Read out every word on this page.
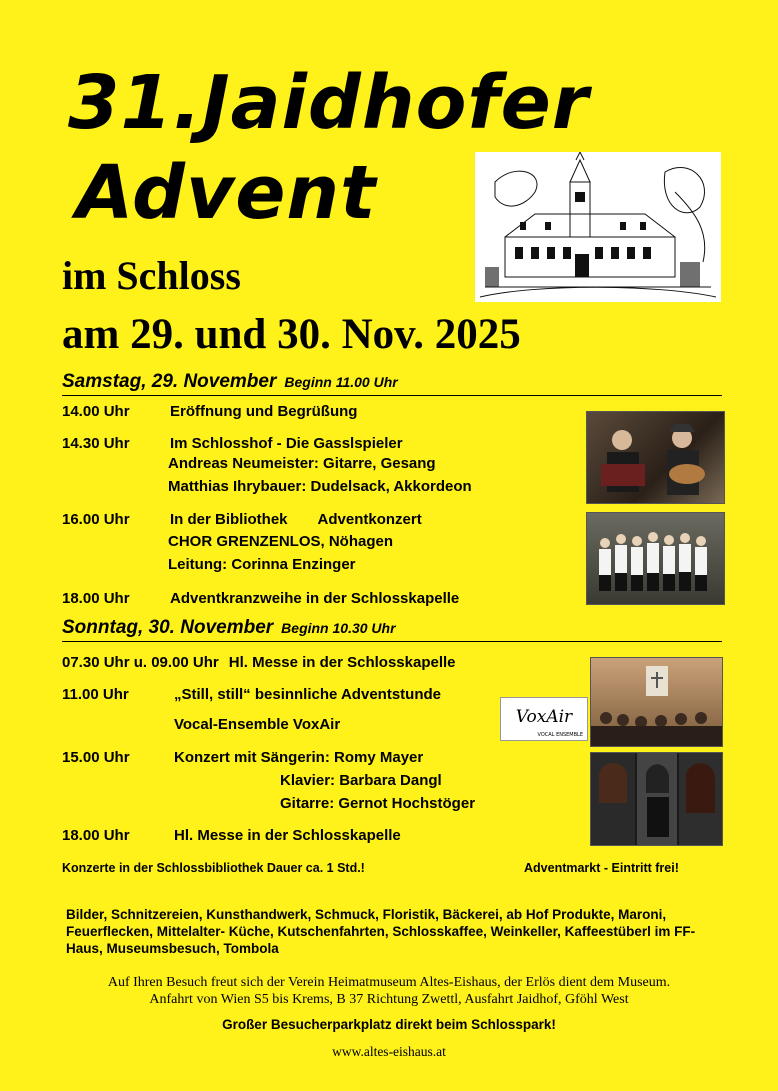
31.Jaidhofer
Advent
im Schloss
am 29. und 30. Nov. 2025
Samstag, 29. November Beginn 11.00 Uhr
14.00 Uhr	Eröffnung und Begrüßung
14.30 Uhr	Im Schlosshof - Die Gasslspieler
Andreas Neumeister: Gitarre, Gesang
Matthias Ihrybauer: Dudelsack, Akkordeon
16.00 Uhr	In der Bibliothek Adventkonzert
CHOR GRENZENLOS, Nöhagen
Leitung: Corinna Enzinger
18.00 Uhr	Adventkranzweihe in der Schlosskapelle
Sonntag, 30. November Beginn 10.30 Uhr
07.30 Uhr u. 09.00 Uhr Hl. Messe in der Schlosskapelle
11.00 Uhr	„Still, still“ besinnliche Adventstunde
Vocal-Ensemble VoxAir	VoxAir
VOCAL ENSEMBLE
15.00 Uhr	Konzert mit Sängerin: Romy Mayer
Klavier: Barbara Dangl
Gitarre: Gernot Hochstöger
18.00 Uhr	Hl. Messe in der Schlosskapelle
Konzerte in der Schlossbibliothek Dauer ca. 1 Std.!	Adventmarkt - Eintritt frei!
Bilder, Schnitzereien, Kunsthandwerk, Schmuck, Floristik, Bäckerei, ab Hof Produkte, Maroni, Feuerflecken, Mittelalter- Küche, Kutschenfahrten, Schlosskaffee, Weinkeller, Kaffeestüberl im FF-Haus, Museumsbesuch, Tombola
Auf Ihren Besuch freut sich der Verein Heimatmuseum Altes-Eishaus, der Erlös dient dem Museum.
Anfahrt von Wien S5 bis Krems, B 37 Richtung Zwettl, Ausfahrt Jaidhof, Gföhl West
Großer Besucherparkplatz direkt beim Schlosspark!
www.altes-eishaus.at
